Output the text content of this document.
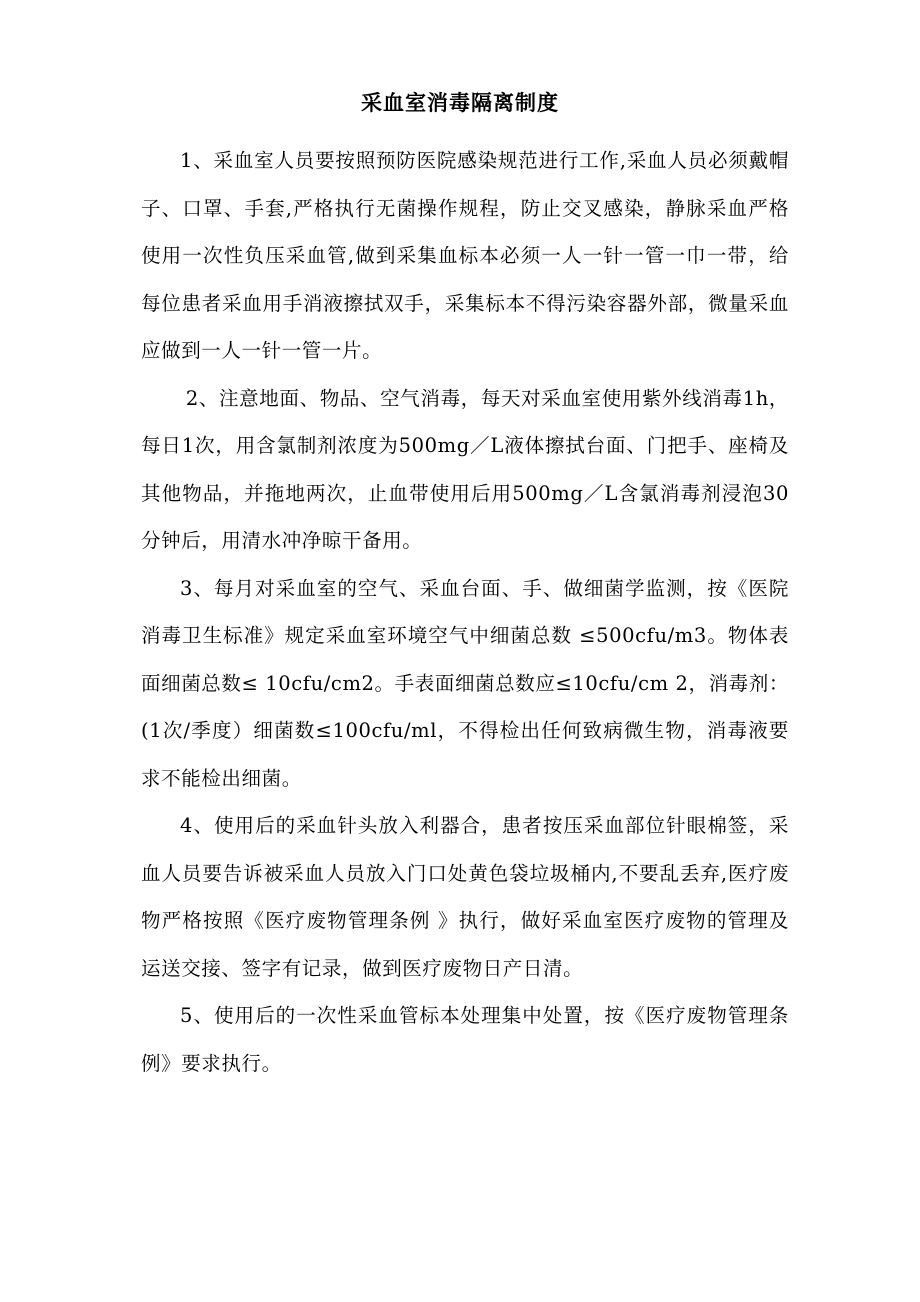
采血室消毒隔离制度

1、采血室人员要按照预防医院感染规范进行工作,采血人员必须戴帽子、口罩、手套,严格执行无菌操作规程，防止交叉感染，静脉采血严格使用一次性负压采血管,做到采集血标本必须一人一针一管一巾一带，给每位患者采血用手消液擦拭双手，采集标本不得污染容器外部，微量采血应做到一人一针一管一片。

2、注意地面、物品、空气消毒，每天对采血室使用紫外线消毒1h，每日1次，用含氯制剂浓度为500mg／L液体擦拭台面、门把手、座椅及其他物品，并拖地两次，止血带使用后用500mg／L含氯消毒剂浸泡30分钟后，用清水冲净晾干备用。

3、每月对采血室的空气、采血台面、手、做细菌学监测，按《医院消毒卫生标准》规定采血室环境空气中细菌总数 ≤500cfu/m3。物体表面细菌总数≤ 10cfu/cm2。手表面细菌总数应≤10cfu/cm 2，消毒剂：(1次/季度）细菌数≤100cfu/ml，不得检出任何致病微生物，消毒液要求不能检出细菌。

4、使用后的采血针头放入利器合，患者按压采血部位针眼棉签，采血人员要告诉被采血人员放入门口处黄色袋垃圾桶内,不要乱丢弃,医疗废物严格按照《医疗废物管理条例 》执行，做好采血室医疗废物的管理及运送交接、签字有记录，做到医疗废物日产日清。

5、使用后的一次性采血管标本处理集中处置，按《医疗废物管理条例》要求执行。
